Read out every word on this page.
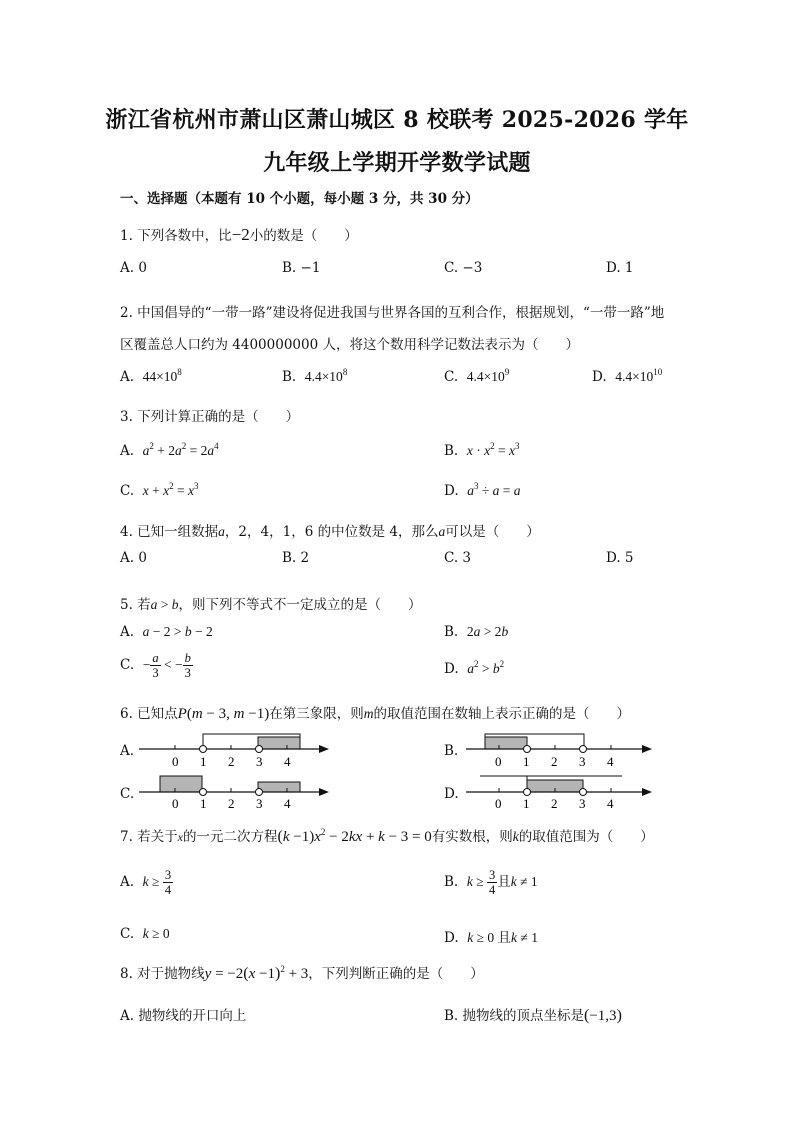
浙江省杭州市萧山区萧山城区 8 校联考 2025-2026 学年
九年级上学期开学数学试题
一、选择题（本题有 10 个小题，每小题 3 分，共 30 分）
1. 下列各数中，比−2小的数是（　　）
A. 0	B. −1	C. −3	D. 1
2. 中国倡导的“一带一路”建设将促进我国与世界各国的互利合作，根据规划，“一带一路”地
区覆盖总人口约为 4400000000 人，将这个数用科学记数法表示为（　　）
A. $44\times 10^8$	B. $4.4\times 10^8$	C. $4.4\times 10^9$	D. $4.4\times 10^{10}$
3. 下列计算正确的是（　　）
A. $a^2 + 2a^2 = 2a^4$	B. $x \cdot x^2 = x^3$
C. $x + x^2 = x^3$	D. $a^3 \div a = a$
4. 已知一组数据a，2，4，1，6 的中位数是 4，那么a可以是（　　）
A. 0	B. 2	C. 3	D. 5
5. 若a > b，则下列不等式不一定成立的是（　　）
A. a − 2 > b − 2	B. 2a > 2b
C. − $\frac{a}{3}$ < − $\frac{b}{3}$	D. $a^2 > b^2$
6. 已知点P(m − 3, m −1)在第三象限，则m的取值范围在数轴上表示正确的是（　　）
A.	B.
C.	D.
0 1 2 3 4	0 1 2 3 4
0 1 2 3 4	0 1 2 3 4
7. 若关于x的一元二次方程$(k -1)x^2 - 2kx + k - 3 = 0$有实数根，则k的取值范围为（　　）
A. $k \ge \frac{3}{4}$	B. $k \ge \frac{3}{4}$ 且k ≠ 1
C. k ≥ 0	D. k ≥ 0 且k ≠ 1
8. 对于抛物线$y = -2(x -1)^2 + 3$，下列判断正确的是（　　）
A. 抛物线的开口向上	B. 抛物线的顶点坐标是(−1,3)
